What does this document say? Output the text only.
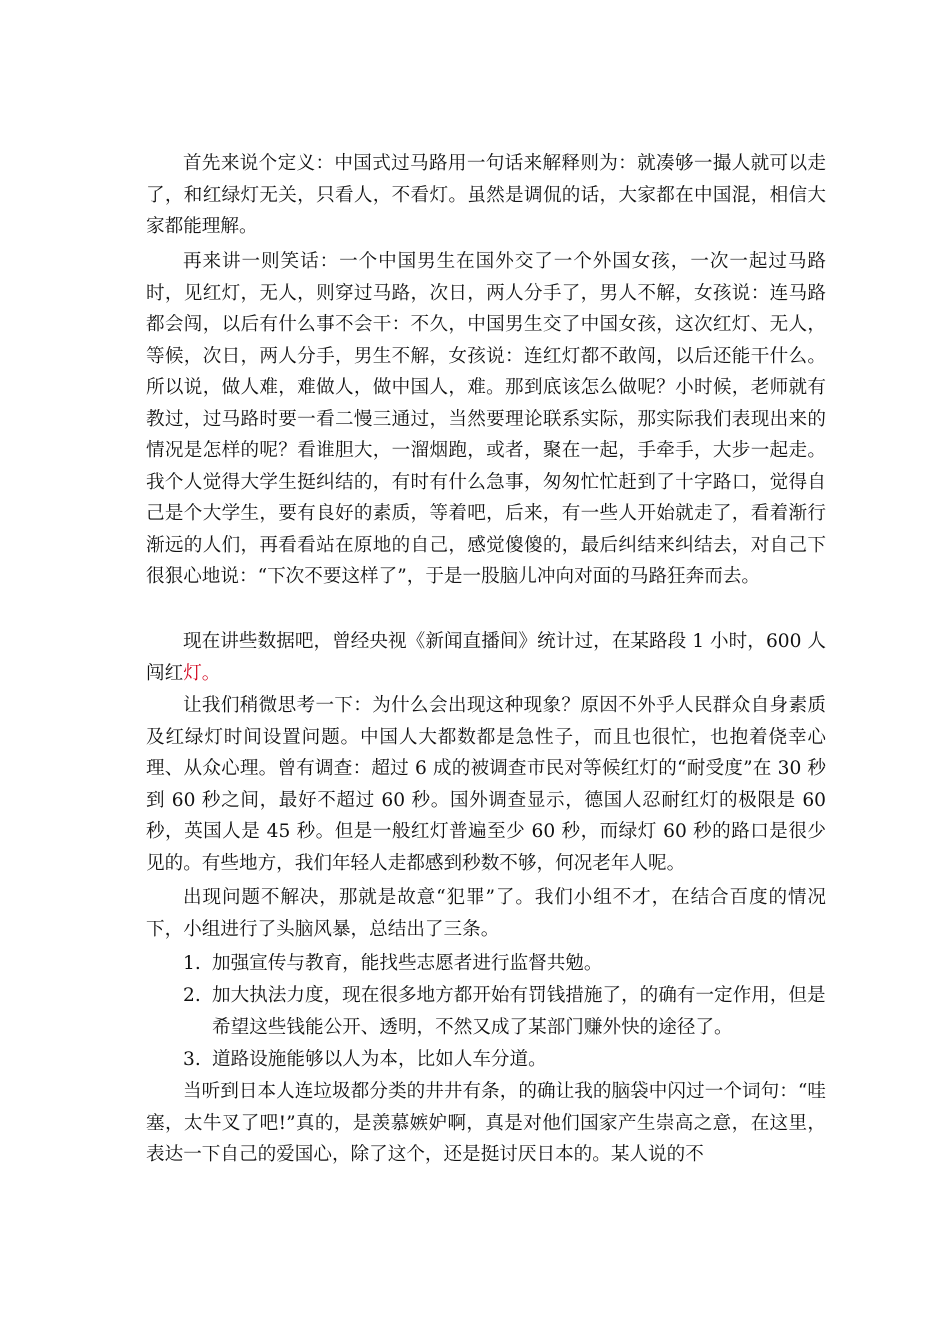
首先来说个定义：中国式过马路用一句话来解释则为：就凑够一撮人就可以走了，和红绿灯无关，只看人，不看灯。虽然是调侃的话，大家都在中国混，相信大家都能理解。

再来讲一则笑话：一个中国男生在国外交了一个外国女孩，一次一起过马路时，见红灯，无人，则穿过马路，次日，两人分手了，男人不解，女孩说：连马路都会闯，以后有什么事不会干：不久，中国男生交了中国女孩，这次红灯、无人，等候，次日，两人分手，男生不解，女孩说：连红灯都不敢闯，以后还能干什么。所以说，做人难，难做人，做中国人，难。那到底该怎么做呢？小时候，老师就有教过，过马路时要一看二慢三通过，当然要理论联系实际，那实际我们表现出来的情况是怎样的呢？看谁胆大，一溜烟跑，或者，聚在一起，手牵手，大步一起走。我个人觉得大学生挺纠结的，有时有什么急事，匆匆忙忙赶到了十字路口，觉得自己是个大学生，要有良好的素质，等着吧，后来，有一些人开始就走了，看着渐行渐远的人们，再看看站在原地的自己，感觉傻傻的，最后纠结来纠结去，对自己下很狠心地说：“下次不要这样了”，于是一股脑儿冲向对面的马路狂奔而去。

现在讲些数据吧，曾经央视《新闻直播间》统计过，在某路段 1 小时，600 人闯红灯。

让我们稍微思考一下：为什么会出现这种现象？原因不外乎人民群众自身素质及红绿灯时间设置问题。中国人大都数都是急性子，而且也很忙，也抱着侥幸心理、从众心理。曾有调查：超过 6 成的被调查市民对等候红灯的“耐受度”在 30 秒到 60 秒之间，最好不超过 60 秒。国外调查显示，德国人忍耐红灯的极限是 60 秒，英国人是 45 秒。但是一般红灯普遍至少 60 秒，而绿灯 60 秒的路口是很少见的。有些地方，我们年轻人走都感到秒数不够，何况老年人呢。

出现问题不解决，那就是故意“犯罪”了。我们小组不才，在结合百度的情况下，小组进行了头脑风暴，总结出了三条。

1. 加强宣传与教育，能找些志愿者进行监督共勉。
2. 加大执法力度，现在很多地方都开始有罚钱措施了，的确有一定作用，但是希望这些钱能公开、透明，不然又成了某部门赚外快的途径了。
3. 道路设施能够以人为本，比如人车分道。

当听到日本人连垃圾都分类的井井有条，的确让我的脑袋中闪过一个词句：“哇塞，太牛叉了吧!”真的，是羡慕嫉妒啊，真是对他们国家产生崇高之意，在这里，表达一下自己的爱国心，除了这个，还是挺讨厌日本的。某人说的不
